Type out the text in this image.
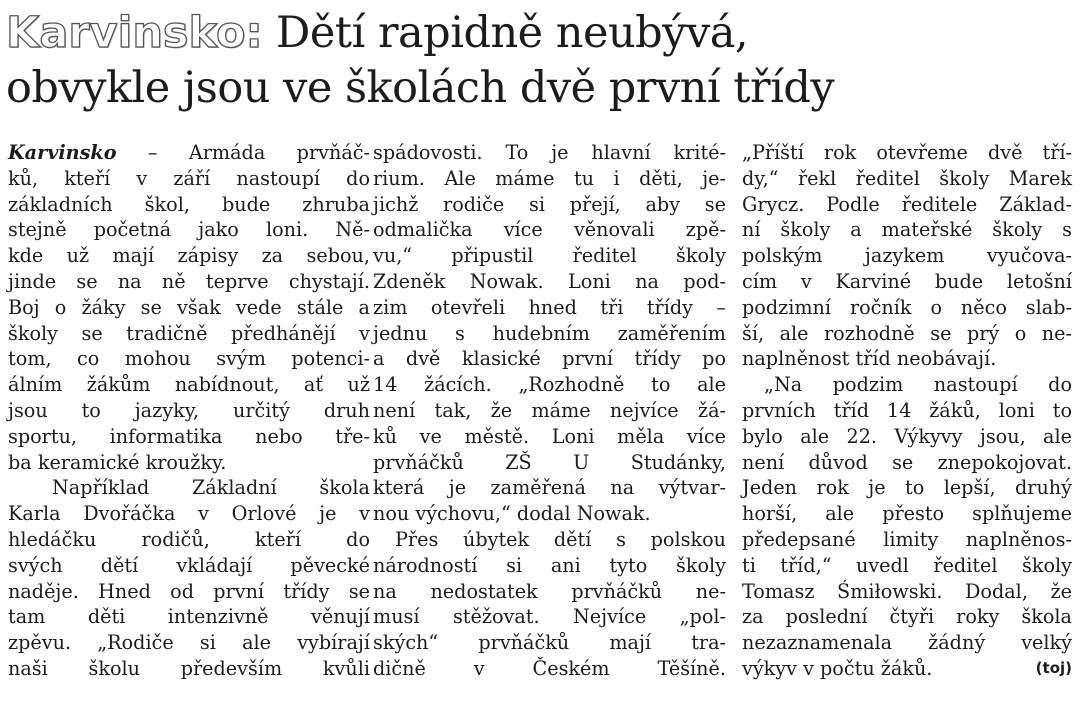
Karvinsko: Dětí rapidně neubývá,
obvykle jsou ve školách dvě první třídy
Karvinsko – Armáda prvňáč-
ků, kteří v září nastoupí do
základních škol, bude zhruba
stejně početná jako loni. Ně-
kde už mají zápisy za sebou,
jinde se na ně teprve chystají.
Boj o žáky se však vede stále a
školy se tradičně předhánějí v
tom, co mohou svým potenci-
álním žákům nabídnout, ať už
jsou to jazyky, určitý druh
sportu, informatika nebo tře-
ba keramické kroužky.
Například Základní škola
Karla Dvořáčka v Orlové je v
hledáčku rodičů, kteří do
svých dětí vkládají pěvecké
naděje. Hned od první třídy se
tam děti intenzivně věnují
zpěvu. „Rodiče si ale vybírají
naši školu především kvůli
spádovosti. To je hlavní krité-
rium. Ale máme tu i děti, je-
jichž rodiče si přejí, aby se
odmalička více věnovali zpě-
vu,“ připustil ředitel školy
Zdeněk Nowak. Loni na pod-
zim otevřeli hned tři třídy –
jednu s hudebním zaměřením
a dvě klasické první třídy po
14 žácích. „Rozhodně to ale
není tak, že máme nejvíce žá-
ků ve městě. Loni měla více
prvňáčků ZŠ U Studánky,
která je zaměřená na výtvar-
nou výchovu,“ dodal Nowak.
Přes úbytek dětí s polskou
národností si ani tyto školy
na nedostatek prvňáčků ne-
musí stěžovat. Nejvíce „pol-
ských“ prvňáčků mají tra-
dičně v Českém Těšíně.
„Příští rok otevřeme dvě tří-
dy,“ řekl ředitel školy Marek
Grycz. Podle ředitele Základ-
ní školy a mateřské školy s
polským jazykem vyučova-
cím v Karviné bude letošní
podzimní ročník o něco slab-
ší, ale rozhodně se prý o ne-
naplněnost tříd neobávají.
„Na podzim nastoupí do
prvních tříd 14 žáků, loni to
bylo ale 22. Výkyvy jsou, ale
není důvod se znepokojovat.
Jeden rok je to lepší, druhý
horší, ale přesto splňujeme
předepsané limity naplněnos-
ti tříd,“ uvedl ředitel školy
Tomasz Śmiłowski. Dodal, že
za poslední čtyři roky škola
nezaznamenala žádný velký
výkyv v počtu žáků.	(toj)
